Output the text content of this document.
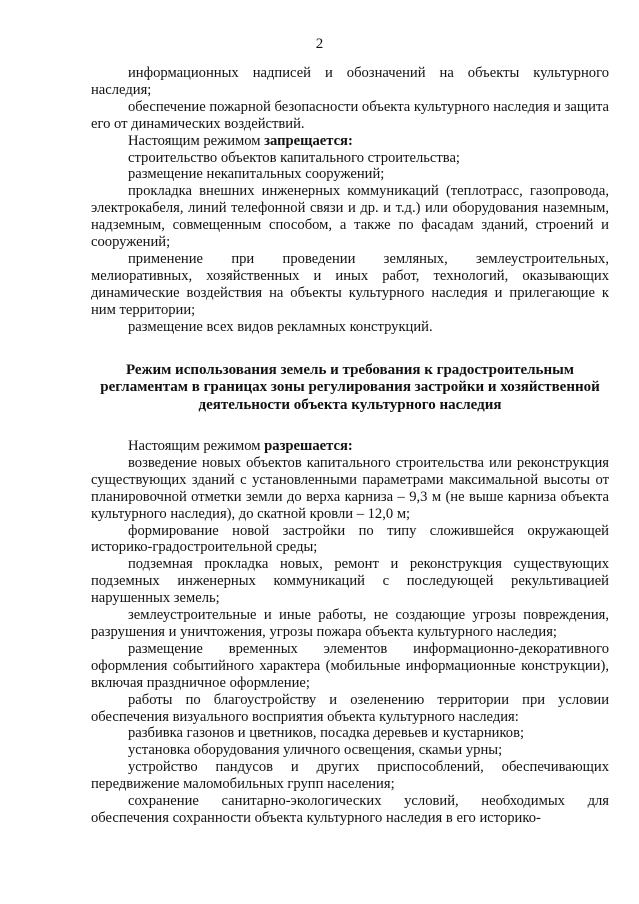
2

информационных надписей и обозначений на объекты культурного наследия;

обеспечение пожарной безопасности объекта культурного наследия и защита его от динамических воздействий.

Настоящим режимом запрещается:

строительство объектов капитального строительства;

размещение некапитальных сооружений;

прокладка внешних инженерных коммуникаций (теплотрасс, газопровода, электрокабеля, линий телефонной связи и др. и т.д.) или оборудования наземным, надземным, совмещенным способом, а также по фасадам зданий, строений и сооружений;

применение при проведении земляных, землеустроительных, мелиоративных, хозяйственных и иных работ, технологий, оказывающих динамические воздействия на объекты культурного наследия и прилегающие к ним территории;

размещение всех видов рекламных конструкций.

Режим использования земель и требования к градостроительным
регламентам в границах зоны регулирования застройки и хозяйственной
деятельности объекта культурного наследия

Настоящим режимом разрешается:

возведение новых объектов капитального строительства или реконструкция существующих зданий с установленными параметрами максимальной высоты от планировочной отметки земли до верха карниза – 9,3 м (не выше карниза объекта культурного наследия), до скатной кровли – 12,0 м;

формирование новой застройки по типу сложившейся окружающей историко-градостроительной среды;

подземная прокладка новых, ремонт и реконструкция существующих подземных инженерных коммуникаций с последующей рекультивацией нарушенных земель;

землеустроительные и иные работы, не создающие угрозы повреждения, разрушения и уничтожения, угрозы пожара объекта культурного наследия;

размещение временных элементов информационно-декоративного оформления событийного характера (мобильные информационные конструкции), включая праздничное оформление;

работы по благоустройству и озеленению территории при условии обеспечения визуального восприятия объекта культурного наследия:

разбивка газонов и цветников, посадка деревьев и кустарников;

установка оборудования уличного освещения, скамьи урны;

устройство пандусов и других приспособлений, обеспечивающих передвижение маломобильных групп населения;

сохранение санитарно-экологических условий, необходимых для обеспечения сохранности объекта культурного наследия в его историко-
